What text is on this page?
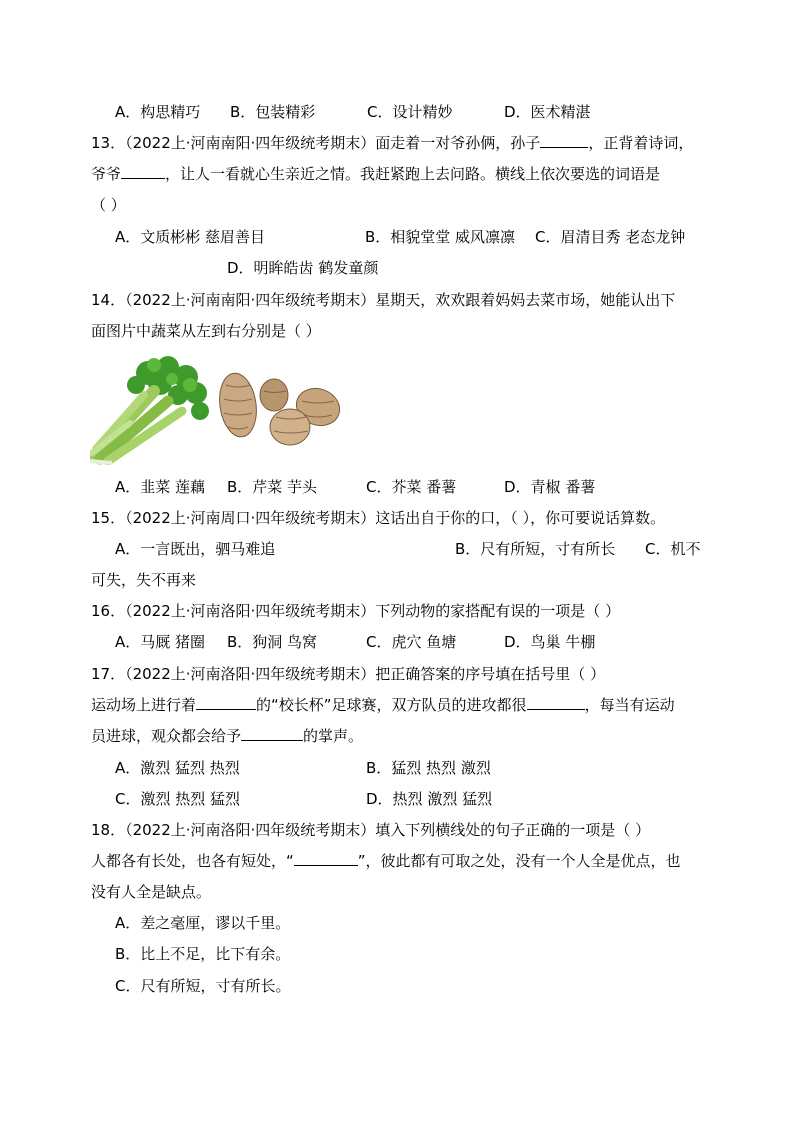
A．构思精巧 B．包装精彩	C．设计精妙	D．医术精湛
13．（2022上·河南南阳·四年级统考期末）面走着一对爷孙俩，孙子	，正背着诗词，
爷爷	，让人一看就心生亲近之情。我赶紧跑上去问路。横线上依次要选的词语是
（ ）
A．文质彬彬 慈眉善目	B．相貌堂堂 威风凛凛 C．眉清目秀 老态龙钟
D．明眸皓齿 鹤发童颜
14．（2022上·河南南阳·四年级统考期末）星期天，欢欢跟着妈妈去菜市场，她能认出下
面图片中蔬菜从左到右分别是（ ）
A．韭菜 莲藕 B．芹菜 芋头	C．芥菜 番薯	D．青椒 番薯
15．（2022上·河南周口·四年级统考期末）这话出自于你的口，（ ），你可要说话算数。
A．一言既出，驷马难追	B．尺有所短，寸有所长 C．机不
可失，失不再来
16．（2022上·河南洛阳·四年级统考期末）下列动物的家搭配有误的一项是（ ）
A．马厩 猪圈 B．狗洞 鸟窝	C．虎穴 鱼塘	D．鸟巢 牛棚
17．（2022上·河南洛阳·四年级统考期末）把正确答案的序号填在括号里（ ）
运动场上进行着	的“校长杯”足球赛，双方队员的进攻都很	，每当有运动
员进球，观众都会给予	的掌声。
A．激烈 猛烈 热烈	B．猛烈 热烈 激烈
C．激烈 热烈 猛烈	D．热烈 激烈 猛烈
18．（2022上·河南洛阳·四年级统考期末）填入下列横线处的句子正确的一项是（ ）
人都各有长处，也各有短处，“	”，彼此都有可取之处，没有一个人全是优点，也
没有人全是缺点。
A．差之毫厘，谬以千里。
B．比上不足，比下有余。
C．尺有所短，寸有所长。
